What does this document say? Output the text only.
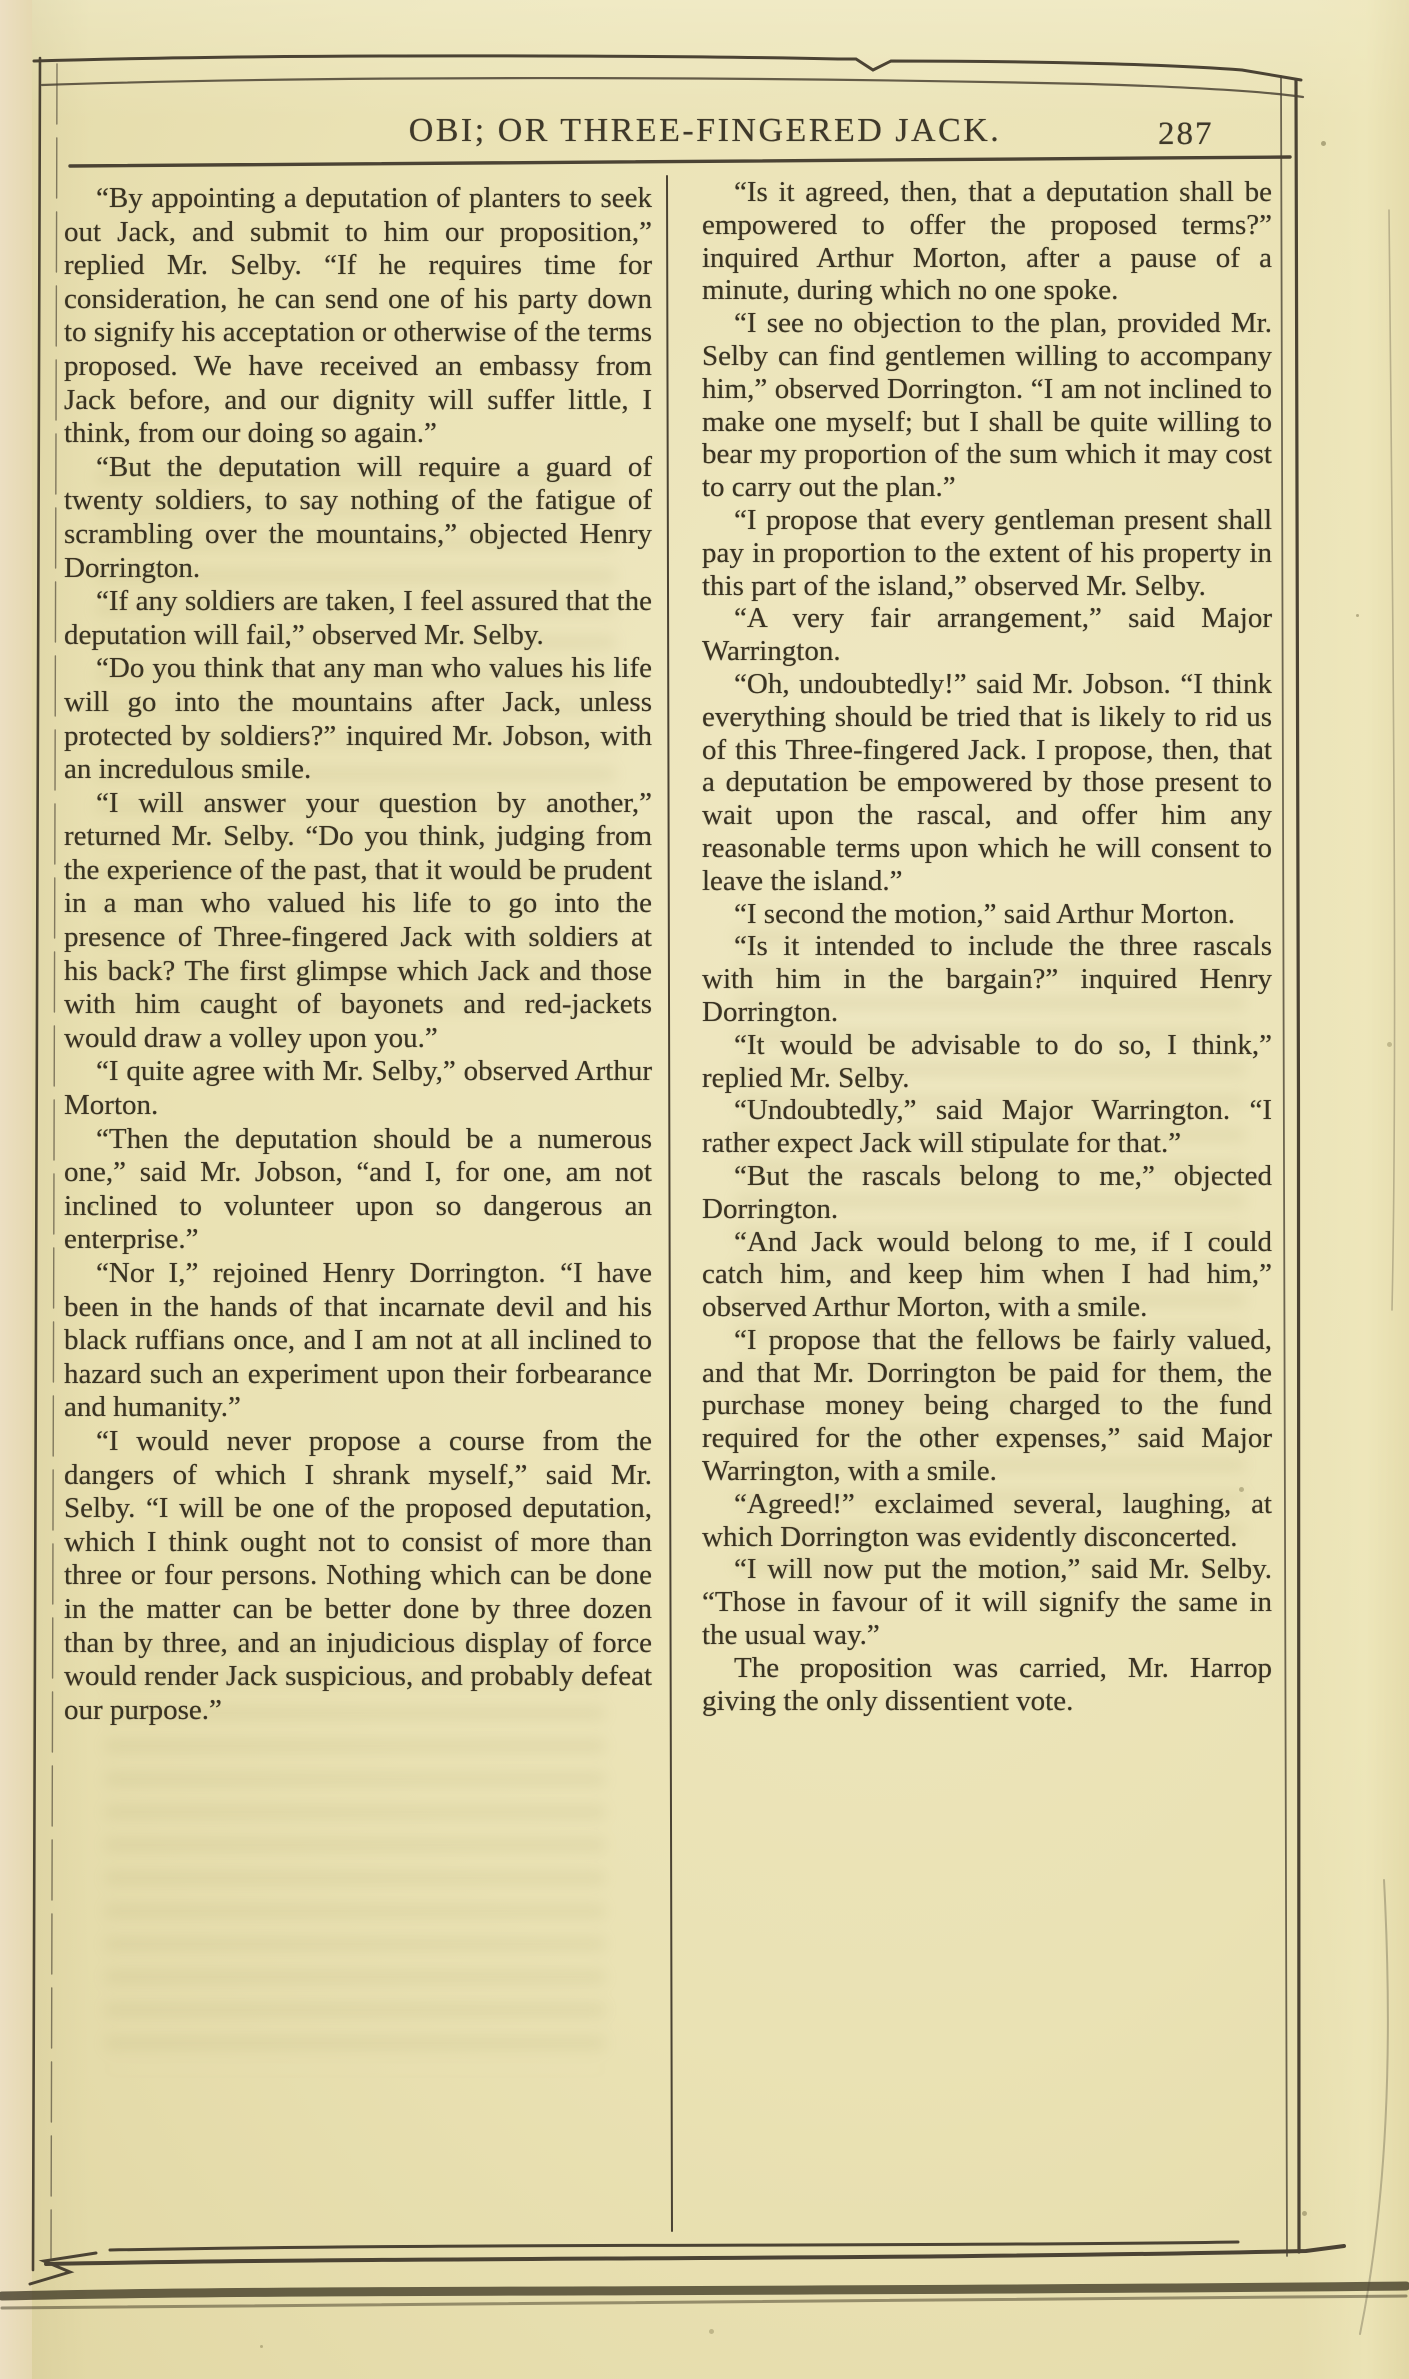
OBI; OR THREE-FINGERED JACK.	287

“By appointing a deputation of planters to seek out Jack, and submit to him our proposition,” replied Mr. Selby. “If he requires time for consideration, he can send one of his party down to signify his acceptation or otherwise of the terms proposed. We have received an embassy from Jack before, and our dignity will suffer little, I think, from our doing so again.”

“But the deputation will require a guard of twenty soldiers, to say nothing of the fatigue of scrambling over the mountains,” objected Henry Dorrington.

“If any soldiers are taken, I feel assured that the deputation will fail,” observed Mr. Selby.

“Do you think that any man who values his life will go into the mountains after Jack, unless protected by soldiers?” inquired Mr. Jobson, with an incredulous smile.

“I will answer your question by another,” returned Mr. Selby. “Do you think, judging from the experience of the past, that it would be prudent in a man who valued his life to go into the presence of Three-fingered Jack with soldiers at his back? The first glimpse which Jack and those with him caught of bayonets and red-jackets would draw a volley upon you.”

“I quite agree with Mr. Selby,” observed Arthur Morton.

“Then the deputation should be a numerous one,” said Mr. Jobson, “and I, for one, am not inclined to volunteer upon so dangerous an enterprise.”

“Nor I,” rejoined Henry Dorrington. “I have been in the hands of that incarnate devil and his black ruffians once, and I am not at all inclined to hazard such an experiment upon their forbearance and humanity.”

“I would never propose a course from the dangers of which I shrank myself,” said Mr. Selby. “I will be one of the proposed deputation, which I think ought not to consist of more than three or four persons. Nothing which can be done in the matter can be better done by three dozen than by three, and an injudicious display of force would render Jack suspicious, and probably defeat our purpose.”

“Is it agreed, then, that a deputation shall be empowered to offer the proposed terms?” inquired Arthur Morton, after a pause of a minute, during which no one spoke.

“I see no objection to the plan, provided Mr. Selby can find gentlemen willing to accompany him,” observed Dorrington. “I am not inclined to make one myself; but I shall be quite willing to bear my proportion of the sum which it may cost to carry out the plan.”

“I propose that every gentleman present shall pay in proportion to the extent of his property in this part of the island,” observed Mr. Selby.

“A very fair arrangement,” said Major Warrington.

“Oh, undoubtedly!” said Mr. Jobson. “I think everything should be tried that is likely to rid us of this Three-fingered Jack. I propose, then, that a deputation be empowered by those present to wait upon the rascal, and offer him any reasonable terms upon which he will consent to leave the island.”

“I second the motion,” said Arthur Morton.

“Is it intended to include the three rascals with him in the bargain?” inquired Henry Dorrington.

“It would be advisable to do so, I think,” replied Mr. Selby.

“Undoubtedly,” said Major Warrington. “I rather expect Jack will stipulate for that.”

“But the rascals belong to me,” objected Dorrington.

“And Jack would belong to me, if I could catch him, and keep him when I had him,” observed Arthur Morton, with a smile.

“I propose that the fellows be fairly valued, and that Mr. Dorrington be paid for them, the purchase money being charged to the fund required for the other expenses,” said Major Warrington, with a smile.

“Agreed!” exclaimed several, laughing, at which Dorrington was evidently disconcerted.

“I will now put the motion,” said Mr. Selby. “Those in favour of it will signify the same in the usual way.”

The proposition was carried, Mr. Harrop giving the only dissentient vote.
